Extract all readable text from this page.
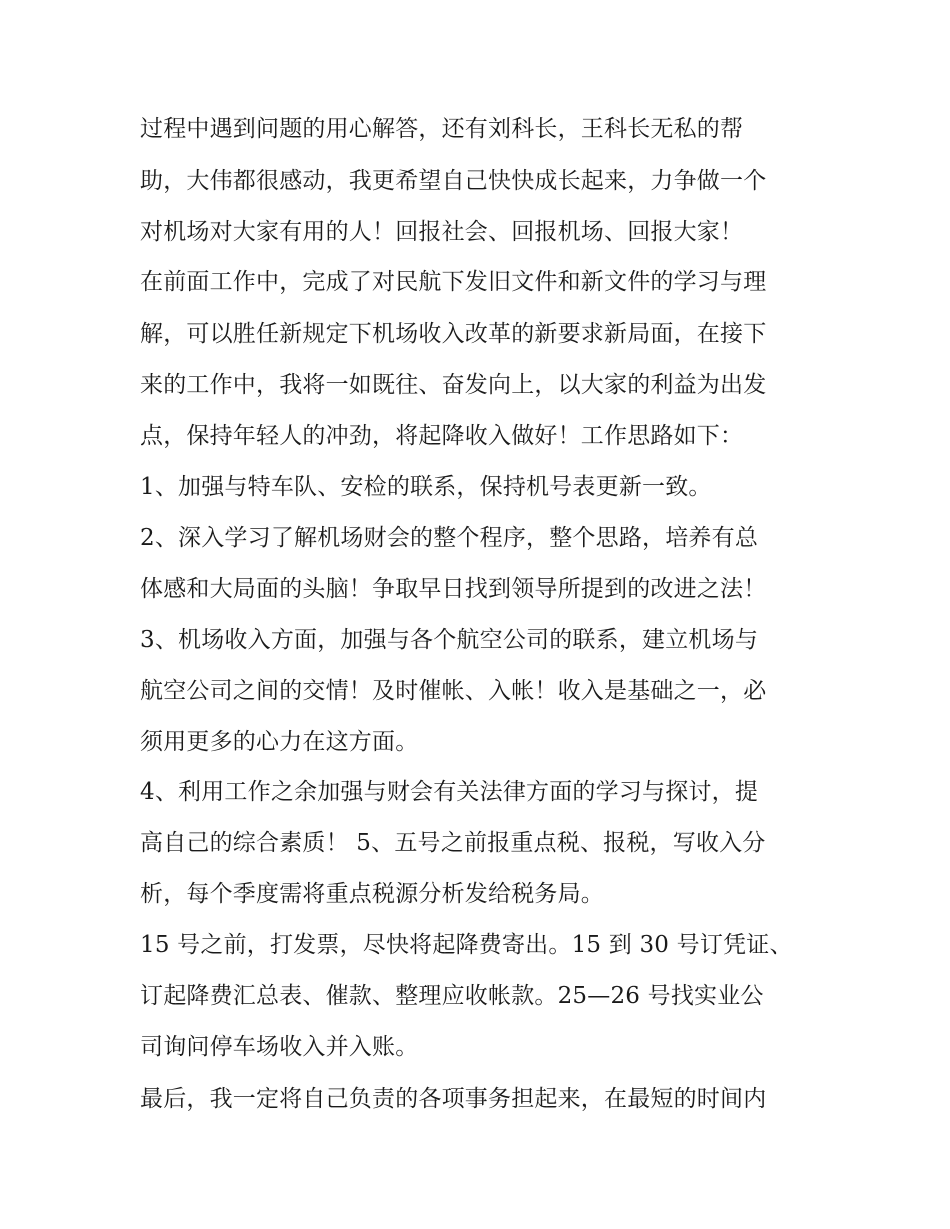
过程中遇到问题的用心解答，还有刘科长，王科长无私的帮
助，大伟都很感动，我更希望自己快快成长起来，力争做一个
对机场对大家有用的人！回报社会、回报机场、回报大家！
在前面工作中，完成了对民航下发旧文件和新文件的学习与理
解，可以胜任新规定下机场收入改革的新要求新局面，在接下
来的工作中，我将一如既往、奋发向上，以大家的利益为出发
点，保持年轻人的冲劲，将起降收入做好！工作思路如下：
1、加强与特车队、安检的联系，保持机号表更新一致。
2、深入学习了解机场财会的整个程序，整个思路，培养有总
体感和大局面的头脑！争取早日找到领导所提到的改进之法！
3、机场收入方面，加强与各个航空公司的联系，建立机场与
航空公司之间的交情！及时催帐、入帐！收入是基础之一，必
须用更多的心力在这方面。
4、利用工作之余加强与财会有关法律方面的学习与探讨，提
高自己的综合素质！ 5、五号之前报重点税、报税，写收入分
析，每个季度需将重点税源分析发给税务局。
15 号之前，打发票，尽快将起降费寄出。15 到 30 号订凭证、
订起降费汇总表、催款、整理应收帐款。25—26 号找实业公
司询问停车场收入并入账。
最后，我一定将自己负责的各项事务担起来，在最短的时间内
